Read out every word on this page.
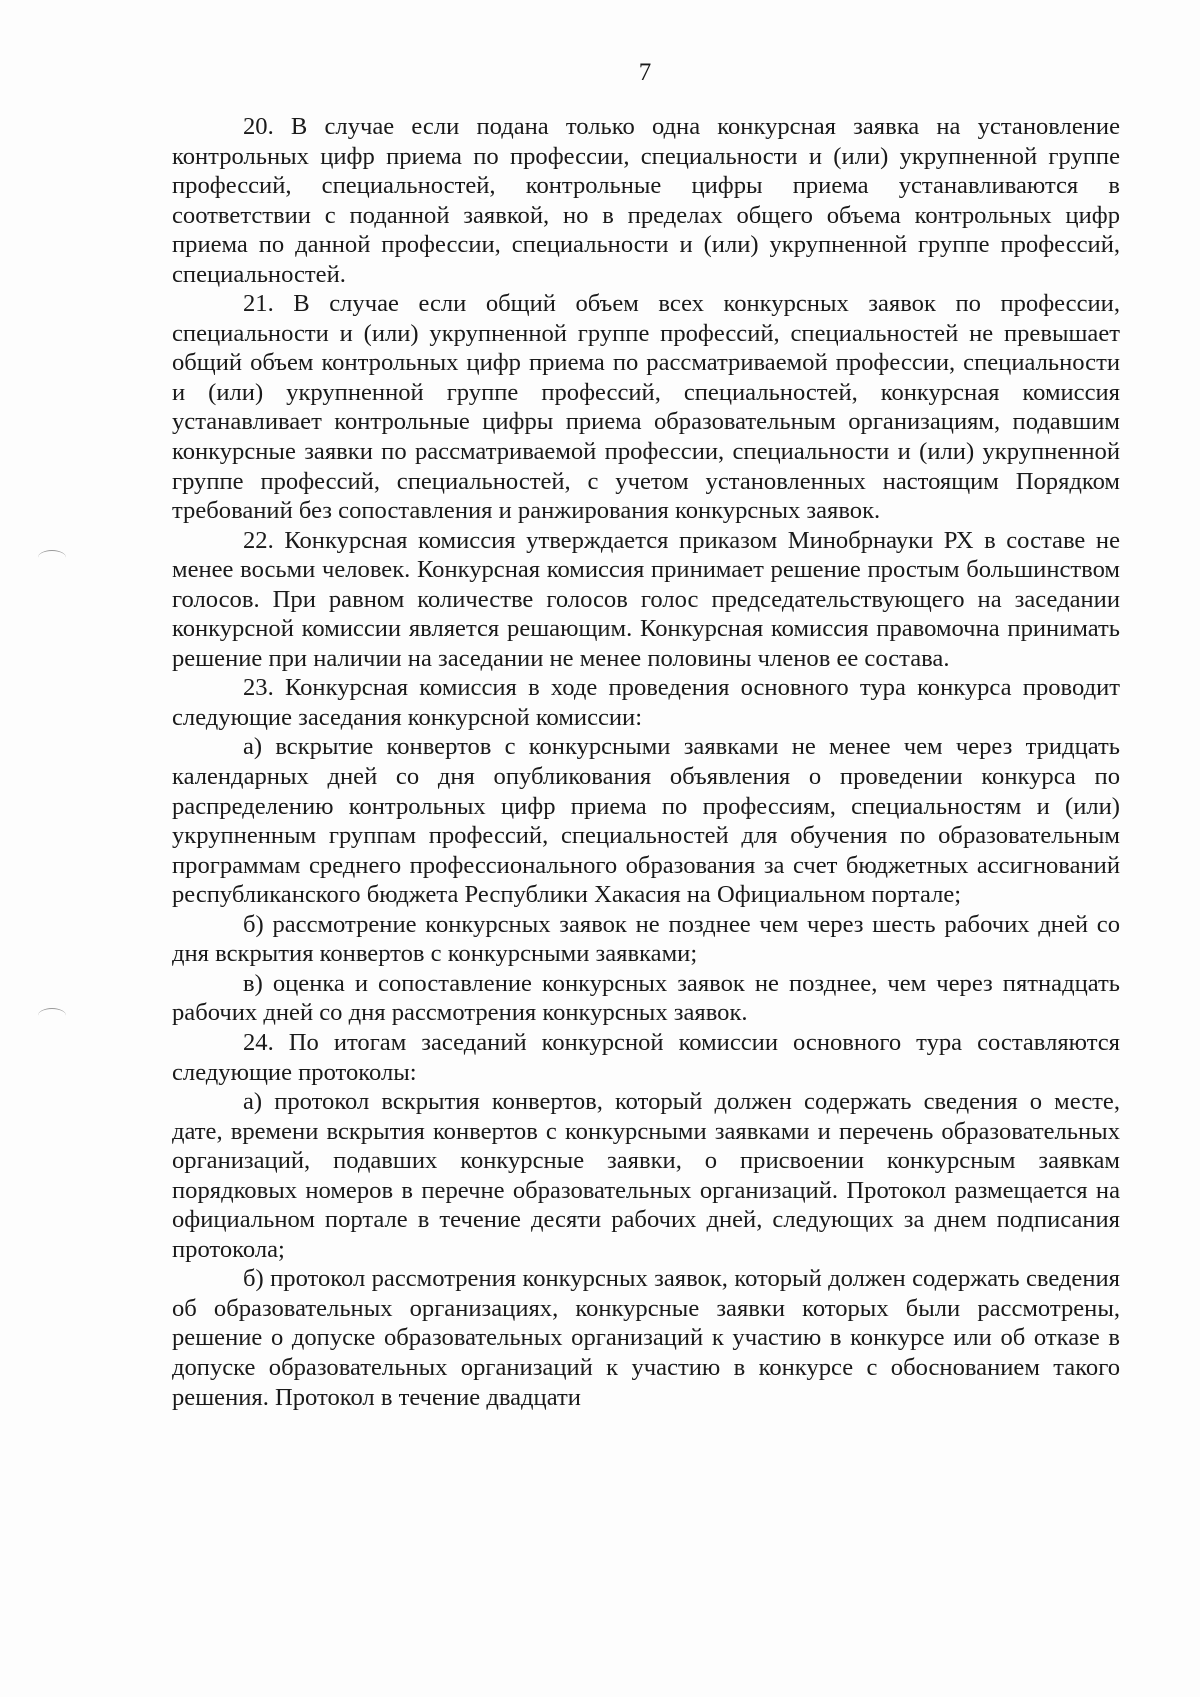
7

20. В случае если подана только одна конкурсная заявка на установление контрольных цифр приема по профессии, специальности и (или) укрупненной группе профессий, специальностей, контрольные цифры приема устанавливаются в соответствии с поданной заявкой, но в пределах общего объема контрольных цифр приема по данной профессии, специальности и (или) укрупненной группе профессий, специальностей.

21. В случае если общий объем всех конкурсных заявок по профессии, специальности и (или) укрупненной группе профессий, специальностей не превышает общий объем контрольных цифр приема по рассматриваемой профессии, специальности и (или) укрупненной группе профессий, специальностей, конкурсная комиссия устанавливает контрольные цифры приема образовательным организациям, подавшим конкурсные заявки по рассматриваемой профессии, специальности и (или) укрупненной группе профессий, специальностей, с учетом установленных настоящим Порядком требований без сопоставления и ранжирования конкурсных заявок.

22. Конкурсная комиссия утверждается приказом Минобрнауки РХ в составе не менее восьми человек. Конкурсная комиссия принимает решение простым большинством голосов. При равном количестве голосов голос председательствующего на заседании конкурсной комиссии является решающим. Конкурсная комиссия правомочна принимать решение при наличии на заседании не менее половины членов ее состава.

23. Конкурсная комиссия в ходе проведения основного тура конкурса проводит следующие заседания конкурсной комиссии:

а) вскрытие конвертов с конкурсными заявками не менее чем через тридцать календарных дней со дня опубликования объявления о проведении конкурса по распределению контрольных цифр приема по профессиям, специальностям и (или) укрупненным группам профессий, специальностей для обучения по образовательным программам среднего профессионального образования за счет бюджетных ассигнований республиканского бюджета Республики Хакасия на Официальном портале;

б) рассмотрение конкурсных заявок не позднее чем через шесть рабочих дней со дня вскрытия конвертов с конкурсными заявками;

в) оценка и сопоставление конкурсных заявок не позднее, чем через пятнадцать рабочих дней со дня рассмотрения конкурсных заявок.

24. По итогам заседаний конкурсной комиссии основного тура составляются следующие протоколы:

а) протокол вскрытия конвертов, который должен содержать сведения о месте, дате, времени вскрытия конвертов с конкурсными заявками и перечень образовательных организаций, подавших конкурсные заявки, о присвоении конкурсным заявкам порядковых номеров в перечне образовательных организаций. Протокол размещается на официальном портале в течение десяти рабочих дней, следующих за днем подписания протокола;

б) протокол рассмотрения конкурсных заявок, который должен содержать сведения об образовательных организациях, конкурсные заявки которых были рассмотрены, решение о допуске образовательных организаций к участию в конкурсе или об отказе в допуске образовательных организаций к участию в конкурсе с обоснованием такого решения. Протокол в течение двадцати
